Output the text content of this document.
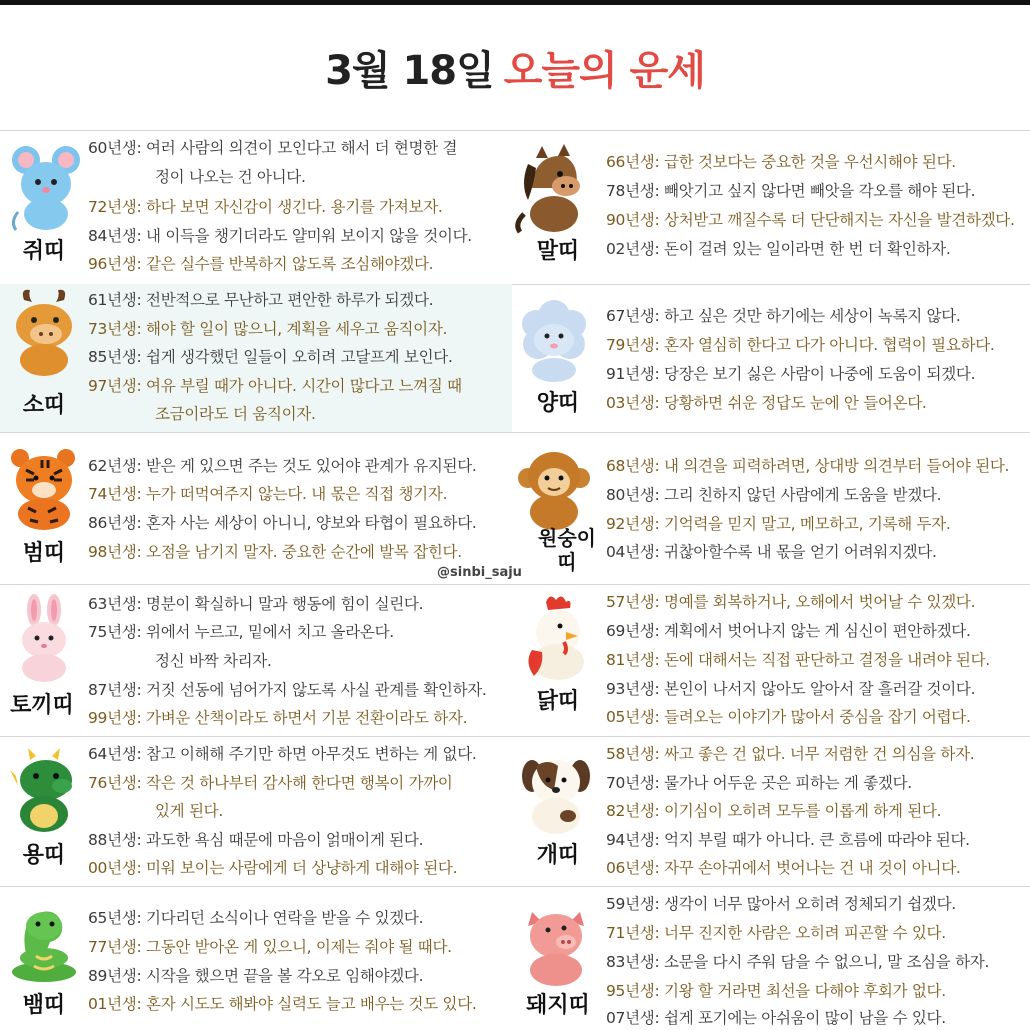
3월 18일 오늘의 운세
쥐띠
60년생: 여러 사람의 의견이 모인다고 해서 더 현명한 결
정이 나오는 건 아니다.
72년생: 하다 보면 자신감이 생긴다. 용기를 가져보자.
84년생: 내 이득을 챙기더라도 얄미워 보이지 않을 것이다.
96년생: 같은 실수를 반복하지 않도록 조심해야겠다.	말띠
66년생: 급한 것보다는 중요한 것을 우선시해야 된다.
78년생: 빼앗기고 싶지 않다면 빼앗을 각오를 해야 된다.
90년생: 상처받고 깨질수록 더 단단해지는 자신을 발견하겠다.
02년생: 돈이 걸려 있는 일이라면 한 번 더 확인하자.
소띠
61년생: 전반적으로 무난하고 편안한 하루가 되겠다.
73년생: 해야 할 일이 많으니, 계획을 세우고 움직이자.
85년생: 쉽게 생각했던 일들이 오히려 고달프게 보인다.
97년생: 여유 부릴 때가 아니다. 시간이 많다고 느껴질 때
조금이라도 더 움직이자.	양띠
67년생: 하고 싶은 것만 하기에는 세상이 녹록지 않다.
79년생: 혼자 열심히 한다고 다가 아니다. 협력이 필요하다.
91년생: 당장은 보기 싫은 사람이 나중에 도움이 되겠다.
03년생: 당황하면 쉬운 정답도 눈에 안 들어온다.
범띠
62년생: 받은 게 있으면 주는 것도 있어야 관계가 유지된다.
74년생: 누가 떠먹여주지 않는다. 내 몫은 직접 챙기자.
86년생: 혼자 사는 세상이 아니니, 양보와 타협이 필요하다.
98년생: 오점을 남기지 말자. 중요한 순간에 발목 잡힌다.
원숭이
띠
68년생: 내 의견을 피력하려면, 상대방 의견부터 들어야 된다.
80년생: 그리 친하지 않던 사람에게 도움을 받겠다.
92년생: 기억력을 믿지 말고, 메모하고, 기록해 두자.
04년생: 귀찮아할수록 내 몫을 얻기 어려워지겠다.
@sinbi_saju
토끼띠
63년생: 명분이 확실하니 말과 행동에 힘이 실린다.
75년생: 위에서 누르고, 밑에서 치고 올라온다.
정신 바짝 차리자.
87년생: 거짓 선동에 넘어가지 않도록 사실 관계를 확인하자.
99년생: 가벼운 산책이라도 하면서 기분 전환이라도 하자.
닭띠
57년생: 명예를 회복하거나, 오해에서 벗어날 수 있겠다.
69년생: 계획에서 벗어나지 않는 게 심신이 편안하겠다.
81년생: 돈에 대해서는 직접 판단하고 결정을 내려야 된다.
93년생: 본인이 나서지 않아도 알아서 잘 흘러갈 것이다.
05년생: 들려오는 이야기가 많아서 중심을 잡기 어렵다.
용띠
64년생: 참고 이해해 주기만 하면 아무것도 변하는 게 없다.
76년생: 작은 것 하나부터 감사해 한다면 행복이 가까이
있게 된다.
88년생: 과도한 욕심 때문에 마음이 얽매이게 된다.
00년생: 미워 보이는 사람에게 더 상냥하게 대해야 된다.	개띠
58년생: 싸고 좋은 건 없다. 너무 저렴한 건 의심을 하자.
70년생: 물가나 어두운 곳은 피하는 게 좋겠다.
82년생: 이기심이 오히려 모두를 이롭게 하게 된다.
94년생: 억지 부릴 때가 아니다. 큰 흐름에 따라야 된다.
06년생: 자꾸 손아귀에서 벗어나는 건 내 것이 아니다.
뱀띠
65년생: 기다리던 소식이나 연락을 받을 수 있겠다.
77년생: 그동안 받아온 게 있으니, 이제는 줘야 될 때다.
89년생: 시작을 했으면 끝을 볼 각오로 임해야겠다.
01년생: 혼자 시도도 해봐야 실력도 늘고 배우는 것도 있다.	돼지띠
59년생: 생각이 너무 많아서 오히려 정체되기 쉽겠다.
71년생: 너무 진지한 사람은 오히려 피곤할 수 있다.
83년생: 소문을 다시 주워 담을 수 없으니, 말 조심을 하자.
95년생: 기왕 할 거라면 최선을 다해야 후회가 없다.
07년생: 쉽게 포기에는 아쉬움이 많이 남을 수 있다.
